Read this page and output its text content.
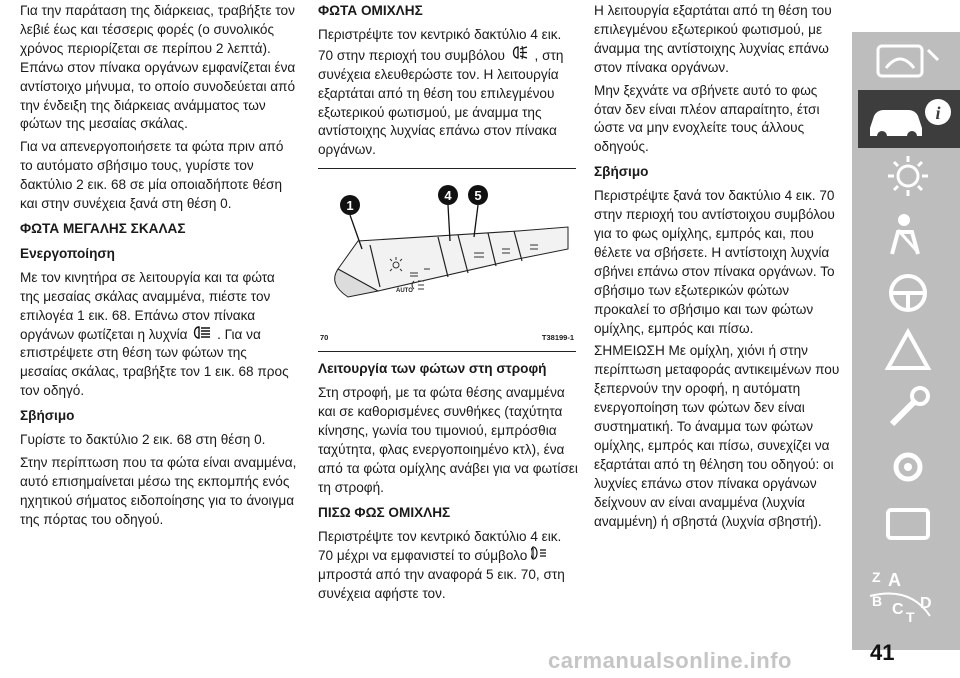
Για την παράταση της διάρκειας, τραβήξτε τον λεβιέ έως και τέσσερις φορές (ο συνολικός χρόνος περιορίζεται σε περίπου 2 λεπτά). Επάνω στον πίνακα οργάνων εμφανίζεται ένα αντίστοιχο μήνυμα, το οποίο συνοδεύεται από την ένδειξη της διάρκειας ανάμματος των φώτων της μεσαίας σκάλας.

Για να απενεργοποιήσετε τα φώτα πριν από το αυτόματο σβήσιμο τους, γυρίστε τον δακτύλιο 2 εικ. 68 σε μία οποιαδήποτε θέση και στην συνέχεια ξανά στη θέση 0.

ΦΩΤΑ ΜΕΓΑΛΗΣ ΣΚΑΛΑΣ
Ενεργοποίηση

Με τον κινητήρα σε λειτουργία και τα φώτα της μεσαίας σκάλας αναμμένα, πιέστε τον επιλογέα 1 εικ. 68. Επάνω στον πίνακα οργάνων φωτίζεται η λυχνία . Για να επιστρέψετε στη θέση των φώτων της μεσαίας σκάλας, τραβήξτε τον 1 εικ. 68 προς τον οδηγό.

Σβήσιμο

Γυρίστε το δακτύλιο 2 εικ. 68 στη θέση 0.

Στην περίπτωση που τα φώτα είναι αναμμένα, αυτό επισημαίνεται μέσω της εκπομπής ενός ηχητικού σήματος ειδοποίησης για το άνοιγμα της πόρτας του οδηγού.

ΦΩΤΑ ΟΜΙΧΛΗΣ

Περιστρέψτε τον κεντρικό δακτύλιο 4 εικ. 70 στην περιοχή του συμβόλου , στη συνέχεια ελευθερώστε τον. Η λειτουργία εξαρτάται από τη θέση του επιλεγμένου εξωτερικού φωτισμού, με άναμμα της αντίστοιχης λυχνίας επάνω στον πίνακα οργάνων.

AUTO
1
4 5
70	T38199-1
Λειτουργία των φώτων στη στροφή

Στη στροφή, με τα φώτα θέσης αναμμένα και σε καθορισμένες συνθήκες (ταχύτητα κίνησης, γωνία του τιμονιού, εμπρόσθια ταχύτητα, φλας ενεργοποιημένο κτλ), ένα από τα φώτα ομίχλης ανάβει για να φωτίσει τη στροφή.

ΠΙΣΩ ΦΩΣ ΟΜΙΧΛΗΣ

Περιστρέψτε τον κεντρικό δακτύλιο 4 εικ. 70 μέχρι να εμφανιστεί το σύμβολο  μπροστά από την αναφορά 5 εικ. 70, στη συνέχεια αφήστε τον.

Η λειτουργία εξαρτάται από τη θέση του επιλεγμένου εξωτερικού φωτισμού, με άναμμα της αντίστοιχης λυχνίας επάνω στον πίνακα οργάνων.

Μην ξεχνάτε να σβήνετε αυτό το φως όταν δεν είναι πλέον απαραίτητο, έτσι ώστε να μην ενοχλείτε τους άλλους οδηγούς.

Σβήσιμο

Περιστρέψτε ξανά τον δακτύλιο 4 εικ. 70 στην περιοχή του αντίστοιχου συμβόλου για το φως ομίχλης, εμπρός και, που θέλετε να σβήσετε. Η αντίστοιχη λυχνία σβήνει επάνω στον πίνακα οργάνων. Το σβήσιμο των εξωτερικών φώτων προκαλεί το σβήσιμο και των φώτων ομίχλης, εμπρός και πίσω.

ΣΗΜΕΙΩΣΗ Με ομίχλη, χιόνι ή στην περίπτωση μεταφοράς αντικειμένων που ξεπερνούν την οροφή, η αυτόματη ενεργοποίηση των φώτων δεν είναι συστηματική. Το άναμμα των φώτων ομίχλης, εμπρός και πίσω, συνεχίζει να εξαρτάται από τη θέληση του οδηγού: οι λυχνίες επάνω στον πίνακα οργάνων δείχνουν αν είναι αναμμένα (λυχνία αναμμένη) ή σβηστά (λυχνία σβηστή).

i
Z A
B C T
D
41
carmanualsonline.info
